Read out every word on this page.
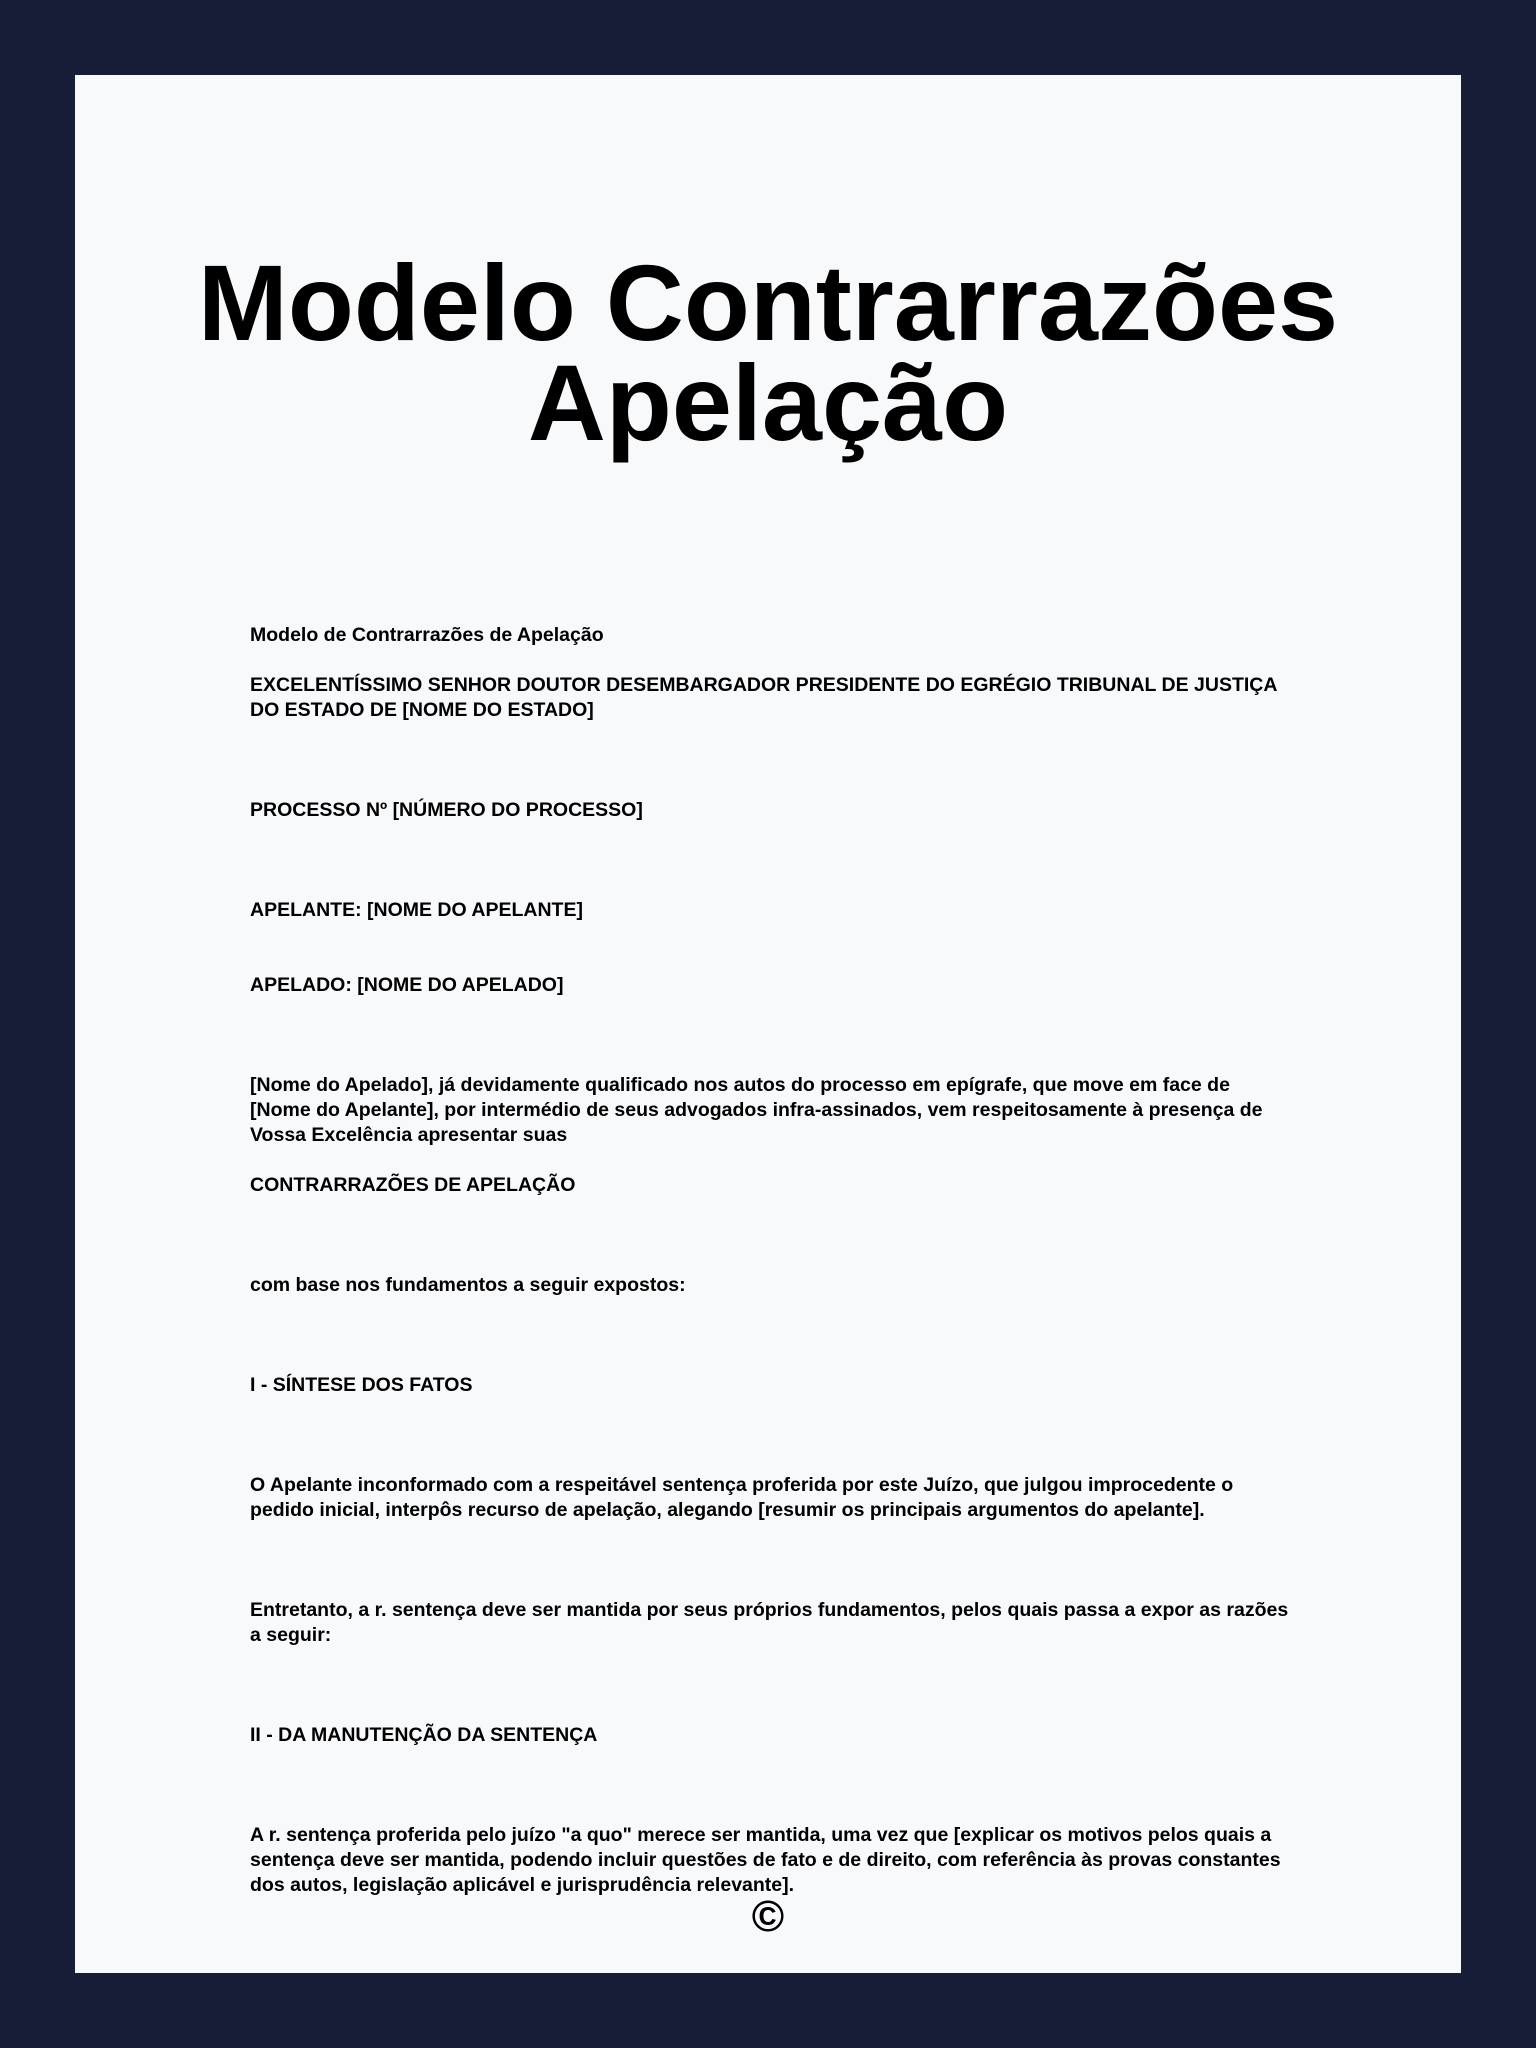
Modelo Contrarrazões
Apelação

Modelo de Contrarrazões de Apelação

EXCELENTÍSSIMO SENHOR DOUTOR DESEMBARGADOR PRESIDENTE DO EGRÉGIO TRIBUNAL DE JUSTIÇA DO ESTADO DE [NOME DO ESTADO]

PROCESSO Nº [NÚMERO DO PROCESSO]

APELANTE: [NOME DO APELANTE]

APELADO: [NOME DO APELADO]

[Nome do Apelado], já devidamente qualificado nos autos do processo em epígrafe, que move em face de [Nome do Apelante], por intermédio de seus advogados infra-assinados, vem respeitosamente à presença de Vossa Excelência apresentar suas

CONTRARRAZÕES DE APELAÇÃO

com base nos fundamentos a seguir expostos:

I - SÍNTESE DOS FATOS

O Apelante inconformado com a respeitável sentença proferida por este Juízo, que julgou improcedente o pedido inicial, interpôs recurso de apelação, alegando [resumir os principais argumentos do apelante].

Entretanto, a r. sentença deve ser mantida por seus próprios fundamentos, pelos quais passa a expor as razões a seguir:

II - DA MANUTENÇÃO DA SENTENÇA

A r. sentença proferida pelo juízo "a quo" merece ser mantida, uma vez que [explicar os motivos pelos quais a sentença deve ser mantida, podendo incluir questões de fato e de direito, com referência às provas constantes dos autos, legislação aplicável e jurisprudência relevante].

©
